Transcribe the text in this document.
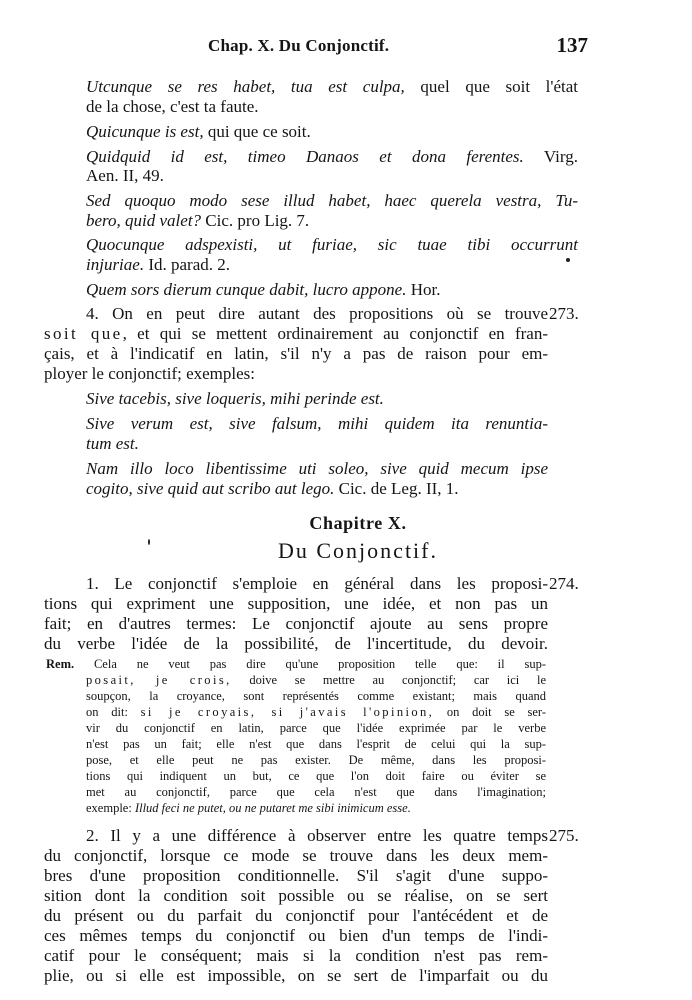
Chap. X. Du Conjonctif.	137
Utcunque se res habet, tua est culpa, quel que soit l'état
de la chose, c'est ta faute.
Quicunque is est, qui que ce soit.
Quidquid id est, timeo Danaos et dona ferentes. Virg.
Aen. II, 49.
Sed quoquo modo sese illud habet, haec querela vestra, Tu-
bero, quid valet? Cic. pro Lig. 7.
Quocunque adspexisti, ut furiae, sic tuae tibi occurrunt
injuriae. Id. parad. 2.
Quem sors dierum cunque dabit, lucro appone. Hor.
4. On en peut dire autant des propositions où se trouve 273.
soit que, et qui se mettent ordinairement au conjonctif en fran-
çais, et à l'indicatif en latin, s'il n'y a pas de raison pour em-
ployer le conjonctif; exemples:
Sive tacebis, sive loqueris, mihi perinde est.
Sive verum est, sive falsum, mihi quidem ita renuntia-
tum est.
Nam illo loco libentissime uti soleo, sive quid mecum ipse
cogito, sive quid aut scribo aut lego. Cic. de Leg. II, 1.
Chapitre X.
Du Conjonctif.
1. Le conjonctif s'emploie en général dans les proposi- 274.
tions qui expriment une supposition, une idée, et non pas un
fait; en d'autres termes: Le conjonctif ajoute au sens propre
du verbe l'idée de la possibilité, de l'incertitude, du devoir.
Rem. Cela ne veut pas dire qu'une proposition telle que: il sup-
posait, je crois, doive se mettre au conjonctif; car ici le
soupçon, la croyance, sont représentés comme existant; mais quand
on dit: si je croyais, si j'avais l'opinion, on doit se ser-
vir du conjonctif en latin, parce que l'idée exprimée par le verbe
n'est pas un fait; elle n'est que dans l'esprit de celui qui la sup-
pose, et elle peut ne pas exister. De même, dans les proposi-
tions qui indiquent un but, ce que l'on doit faire ou éviter se
met au conjonctif, parce que cela n'est que dans l'imagination;
exemple: Illud feci ne putet, ou ne putaret me sibi inimicum esse.
2. Il y a une différence à observer entre les quatre temps 275.
du conjonctif, lorsque ce mode se trouve dans les deux mem-
bres d'une proposition conditionnelle. S'il s'agit d'une suppo-
sition dont la condition soit possible ou se réalise, on se sert
du présent ou du parfait du conjonctif pour l'antécédent et de
ces mêmes temps du conjonctif ou bien d'un temps de l'indi-
catif pour le conséquent; mais si la condition n'est pas rem-
plie, ou si elle est impossible, on se sert de l'imparfait ou du
